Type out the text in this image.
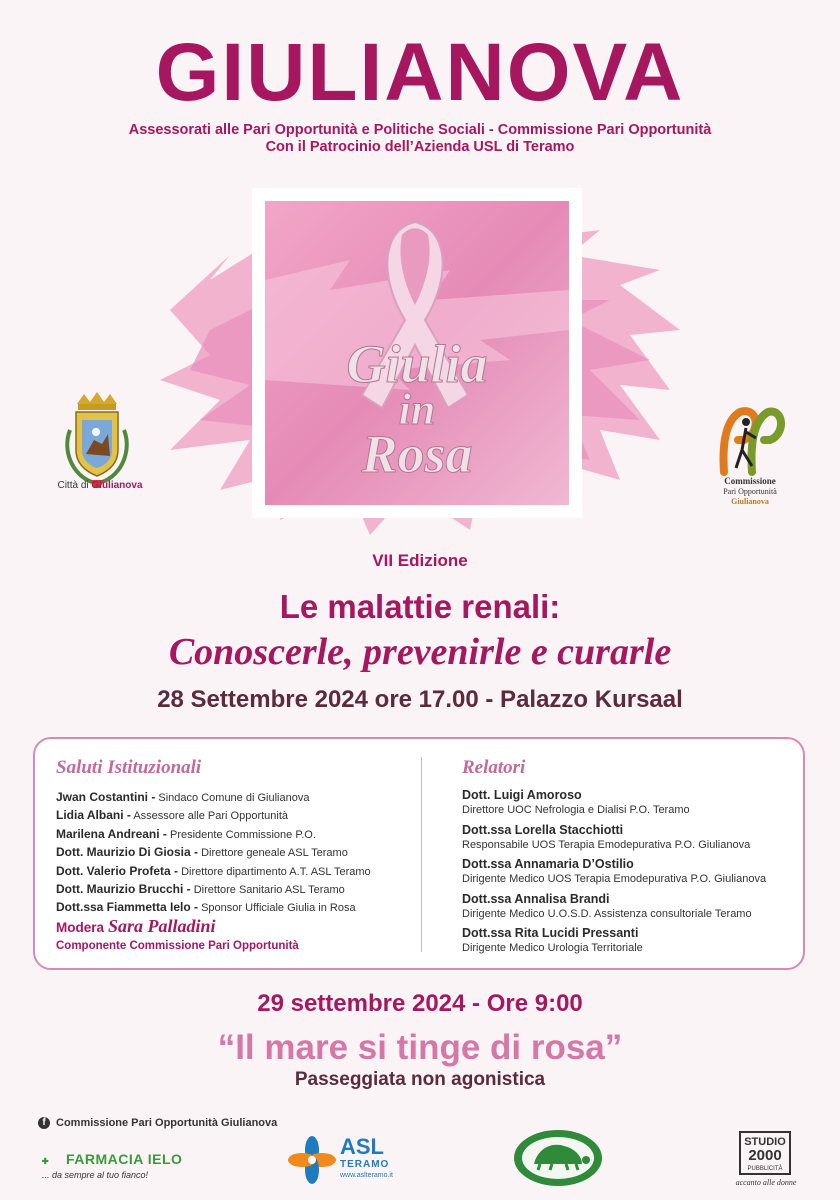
GIULIANOVA
Assessorati alle Pari Opportunità e Politiche Sociali - Commissione Pari Opportunità
Con il Patrocinio dell’Azienda USL di Teramo
Giulia
in
Rosa
Città di Giulianova	Commissione
Pari Opportunità
Giulianova
VII Edizione
Le malattie renali:
Conoscerle, prevenirle e curarle
28 Settembre 2024 ore 17.00 - Palazzo Kursaal
Saluti Istituzionali
Jwan Costantini - Sindaco Comune di Giulianova
Lidia Albani - Assessore alle Pari Opportunità
Marilena Andreani - Presidente Commissione P.O.
Dott. Maurizio Di Giosia - Direttore geneale ASL Teramo
Dott. Valerio Profeta - Direttore dipartimento A.T. ASL Teramo
Dott. Maurizio Brucchi - Direttore Sanitario ASL Teramo
Dott.ssa Fiammetta Ielo - Sponsor Ufficiale Giulia in Rosa
Modera Sara Palladini
Componente Commissione Pari Opportunità
Relatori
Dott. Luigi Amoroso
Direttore UOC Nefrologia e Dialisi P.O. Teramo
Dott.ssa Lorella Stacchiotti
Responsabile UOS Terapia Emodepurativa P.O. Giulianova
Dott.ssa Annamaria D’Ostilio
Dirigente Medico UOS Terapia Emodepurativa P.O. Giulianova
Dott.ssa Annalisa Brandi
Dirigente Medico U.O.S.D. Assistenza consultoriale Teramo
Dott.ssa Rita Lucidi Pressanti
Dirigente Medico Urologia Territoriale
29 settembre 2024 - Ore 9:00
“Il mare si tinge di rosa”
Passeggiata non agonistica
f Commissione Pari Opportunità Giulianova
FARMACIA IELO
... da sempre al tuo fianco!
ASL
TERAMO
www.aslteramo.it
STUDIO
2000
PUBBLICITÀ
accanto alle donne
